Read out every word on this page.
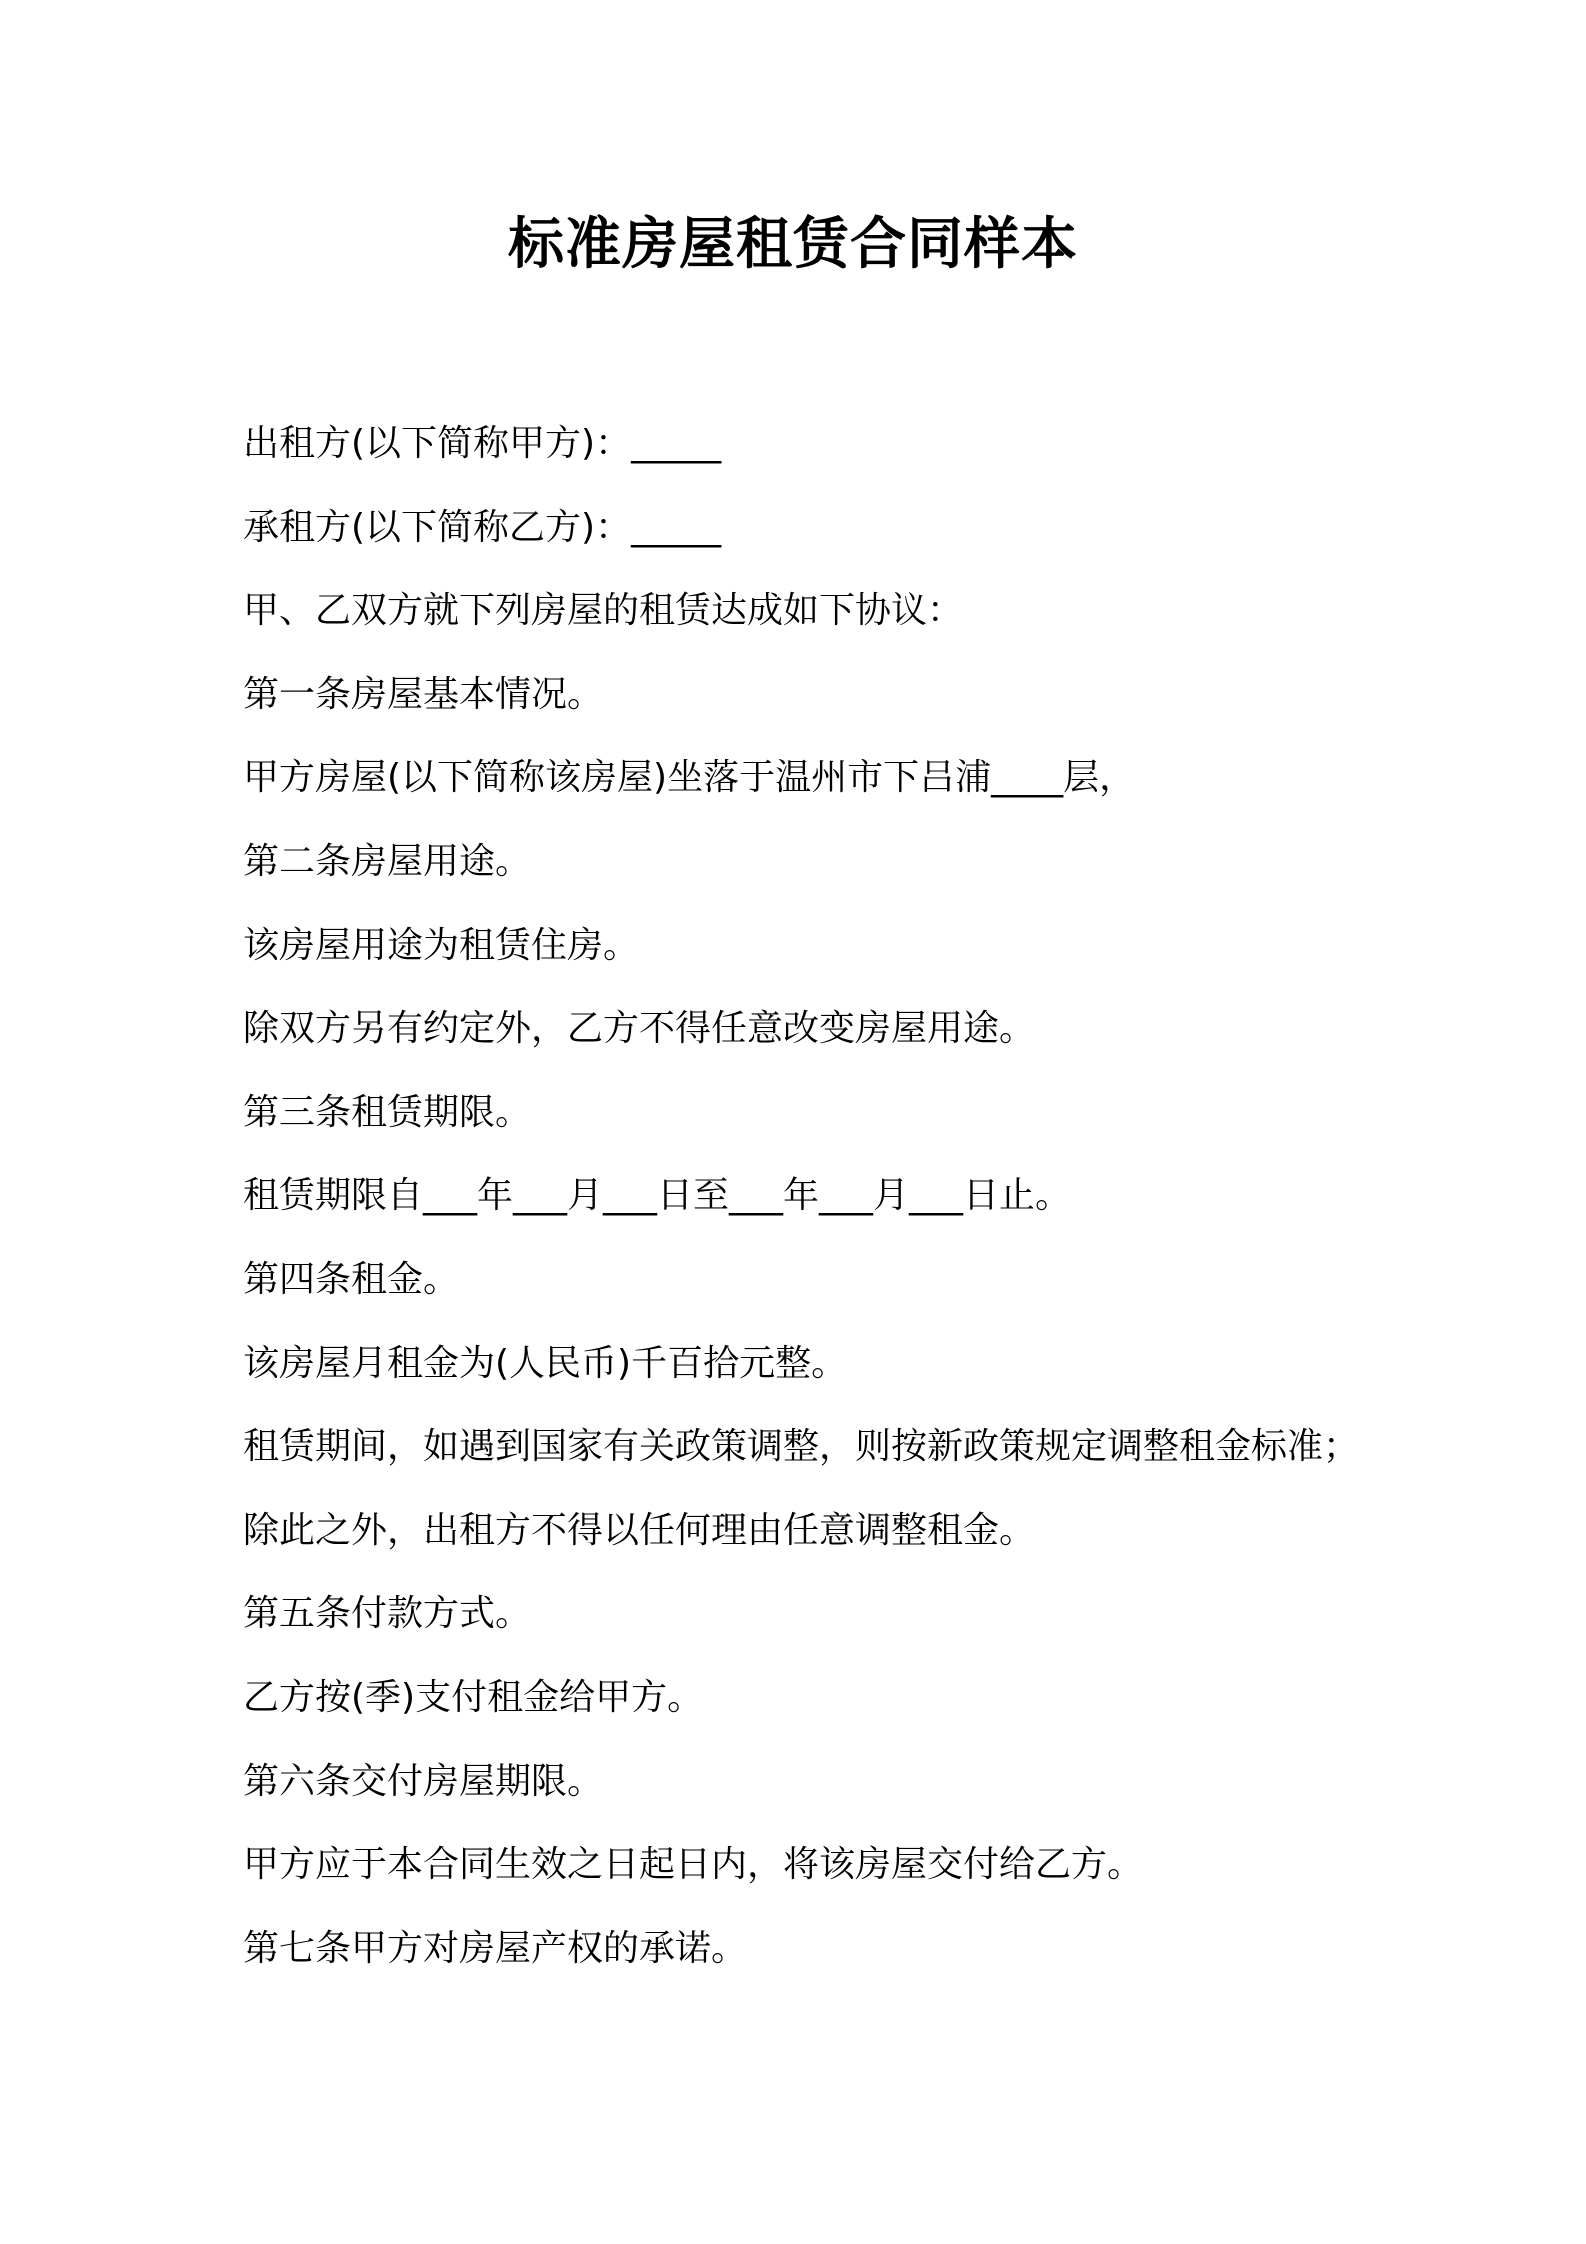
标准房屋租赁合同样本

出租方(以下简称甲方)：_____

承租方(以下简称乙方)：_____

甲、乙双方就下列房屋的租赁达成如下协议：

第一条房屋基本情况。

甲方房屋(以下简称该房屋)坐落于温州市下吕浦____层，

第二条房屋用途。

该房屋用途为租赁住房。

除双方另有约定外，乙方不得任意改变房屋用途。

第三条租赁期限。

租赁期限自___年___月___日至___年___月___日止。

第四条租金。

该房屋月租金为(人民币)千百拾元整。

租赁期间，如遇到国家有关政策调整，则按新政策规定调整租金标准；

除此之外，出租方不得以任何理由任意调整租金。

第五条付款方式。

乙方按(季)支付租金给甲方。

第六条交付房屋期限。

甲方应于本合同生效之日起日内，将该房屋交付给乙方。

第七条甲方对房屋产权的承诺。
